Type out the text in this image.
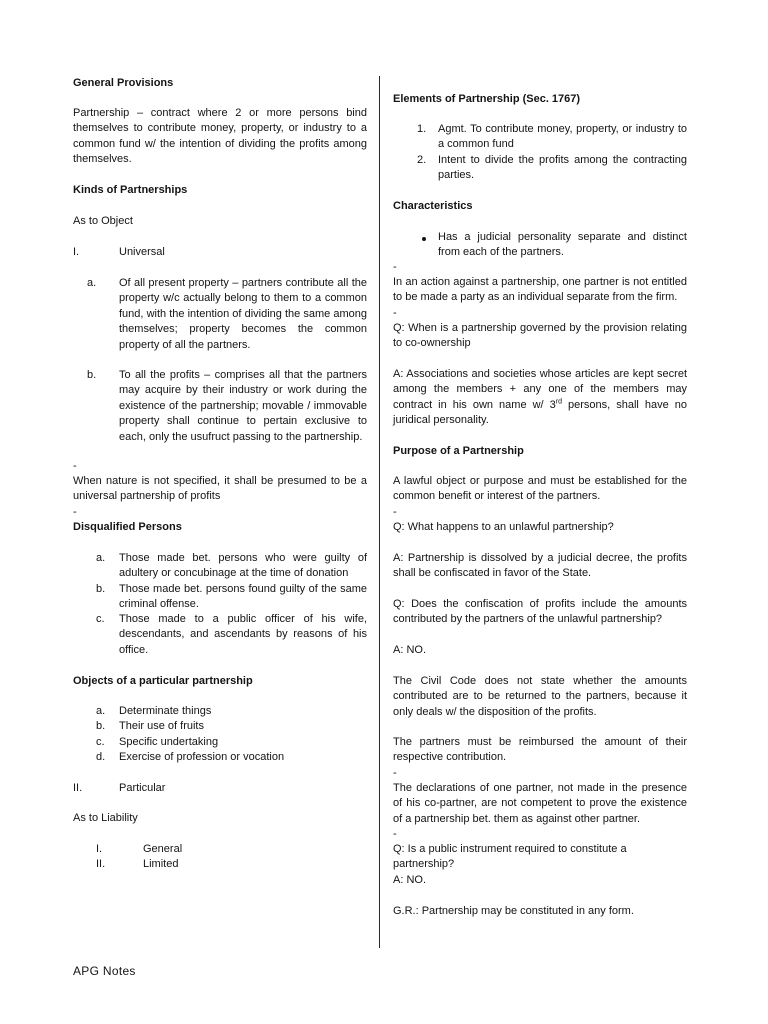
General Provisions
Partnership – contract where 2 or more persons bind themselves to contribute money, property, or industry to a common fund w/ the intention of dividing the profits among themselves.
Kinds of Partnerships
As to Object
I.	Universal
a. Of all present property – partners contribute all the property w/c actually belong to them to a common fund, with the intention of dividing the same among themselves; property becomes the common property of all the partners.
b. To all the profits – comprises all that the partners may acquire by their industry or work during the existence of the partnership; movable / immovable property shall continue to pertain exclusive to each, only the usufruct passing to the partnership.
-
When nature is not specified, it shall be presumed to be a universal partnership of profits
-
Disqualified Persons
a. Those made bet. persons who were guilty of adultery or concubinage at the time of donation
b. Those made bet. persons found guilty of the same criminal offense.
c. Those made to a public officer of his wife, descendants, and ascendants by reasons of his office.
Objects of a particular partnership
a. Determinate things
b. Their use of fruits
c. Specific undertaking
d. Exercise of profession or vocation
II.	Particular
As to Liability
I.	General
II.	Limited
Elements of Partnership (Sec. 1767)
1. Agmt. To contribute money, property, or industry to a common fund
2. Intent to divide the profits among the contracting parties.
Characteristics
Has a judicial personality separate and distinct from each of the partners.
-
In an action against a partnership, one partner is not entitled to be made a party as an individual separate from the firm.
-
Q: When is a partnership governed by the provision relating to co-ownership
A: Associations and societies whose articles are kept secret among the members + any one of the members may contract in his own name w/ 3rd persons, shall have no juridical personality.
Purpose of a Partnership
A lawful object or purpose and must be established for the common benefit or interest of the partners.
-
Q: What happens to an unlawful partnership?
A: Partnership is dissolved by a judicial decree, the profits shall be confiscated in favor of the State.
Q: Does the confiscation of profits include the amounts contributed by the partners of the unlawful partnership?
A: NO.
The Civil Code does not state whether the amounts contributed are to be returned to the partners, because it only deals w/ the disposition of the profits.
The partners must be reimbursed the amount of their respective contribution.
-
The declarations of one partner, not made in the presence of his co-partner, are not competent to prove the existence of a partnership bet. them as against other partner.
-
Q: Is a public instrument required to constitute a partnership?
A: NO.
G.R.: Partnership may be constituted in any form.
APG Notes
